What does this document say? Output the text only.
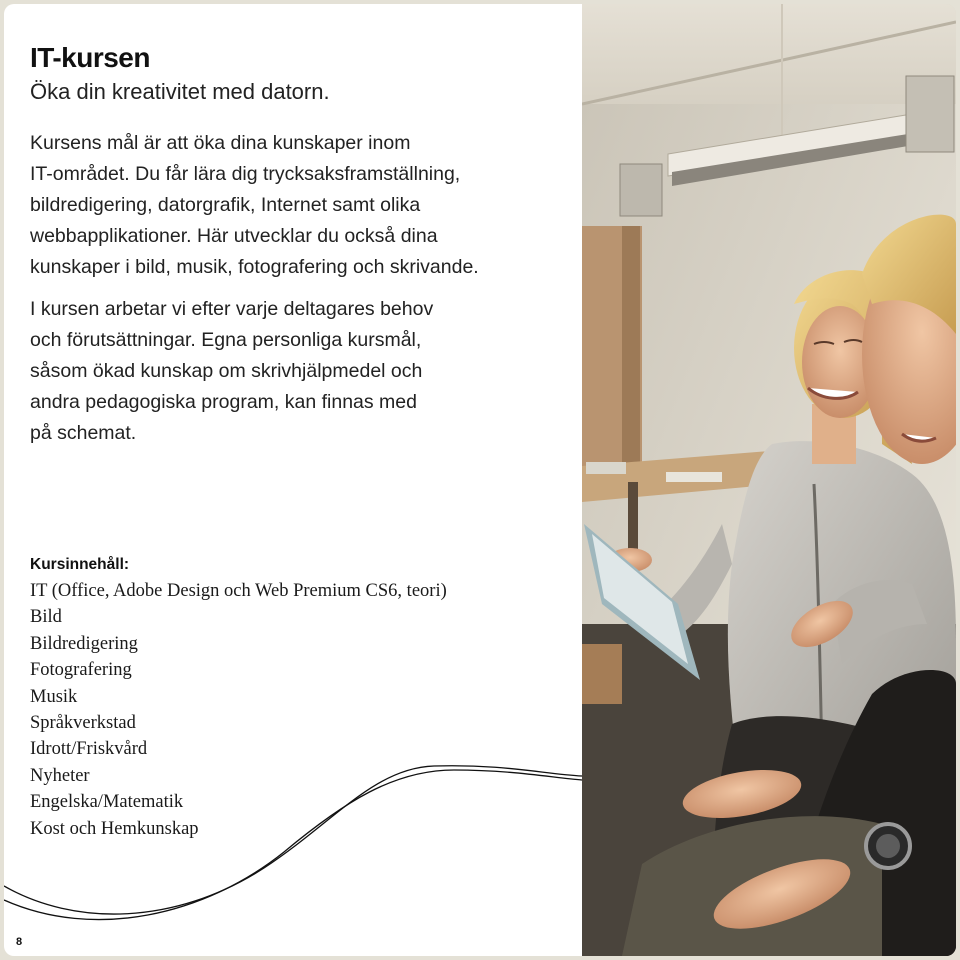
IT-kursen

Öka din kreativitet med datorn.

Kursens mål är att öka dina kunskaper inom
IT-området. Du får lära dig trycksaksframställning,
bildredigering, datorgrafik, Internet samt olika
webbapplikationer. Här utvecklar du också dina
kunskaper i bild, musik, fotografering och skrivande.

I kursen arbetar vi efter varje deltagares behov
och förutsättningar. Egna personliga kursmål,
såsom ökad kunskap om skrivhjälpmedel och
andra pedagogiska program, kan finnas med
på schemat.

Kursinnehåll:
IT (Office, Adobe Design och Web Premium CS6, teori)
Bild
Bildredigering
Fotografering
Musik
Språkverkstad
Idrott/Friskvård
Nyheter
Engelska/Matematik
Kost och Hemkunskap
8
